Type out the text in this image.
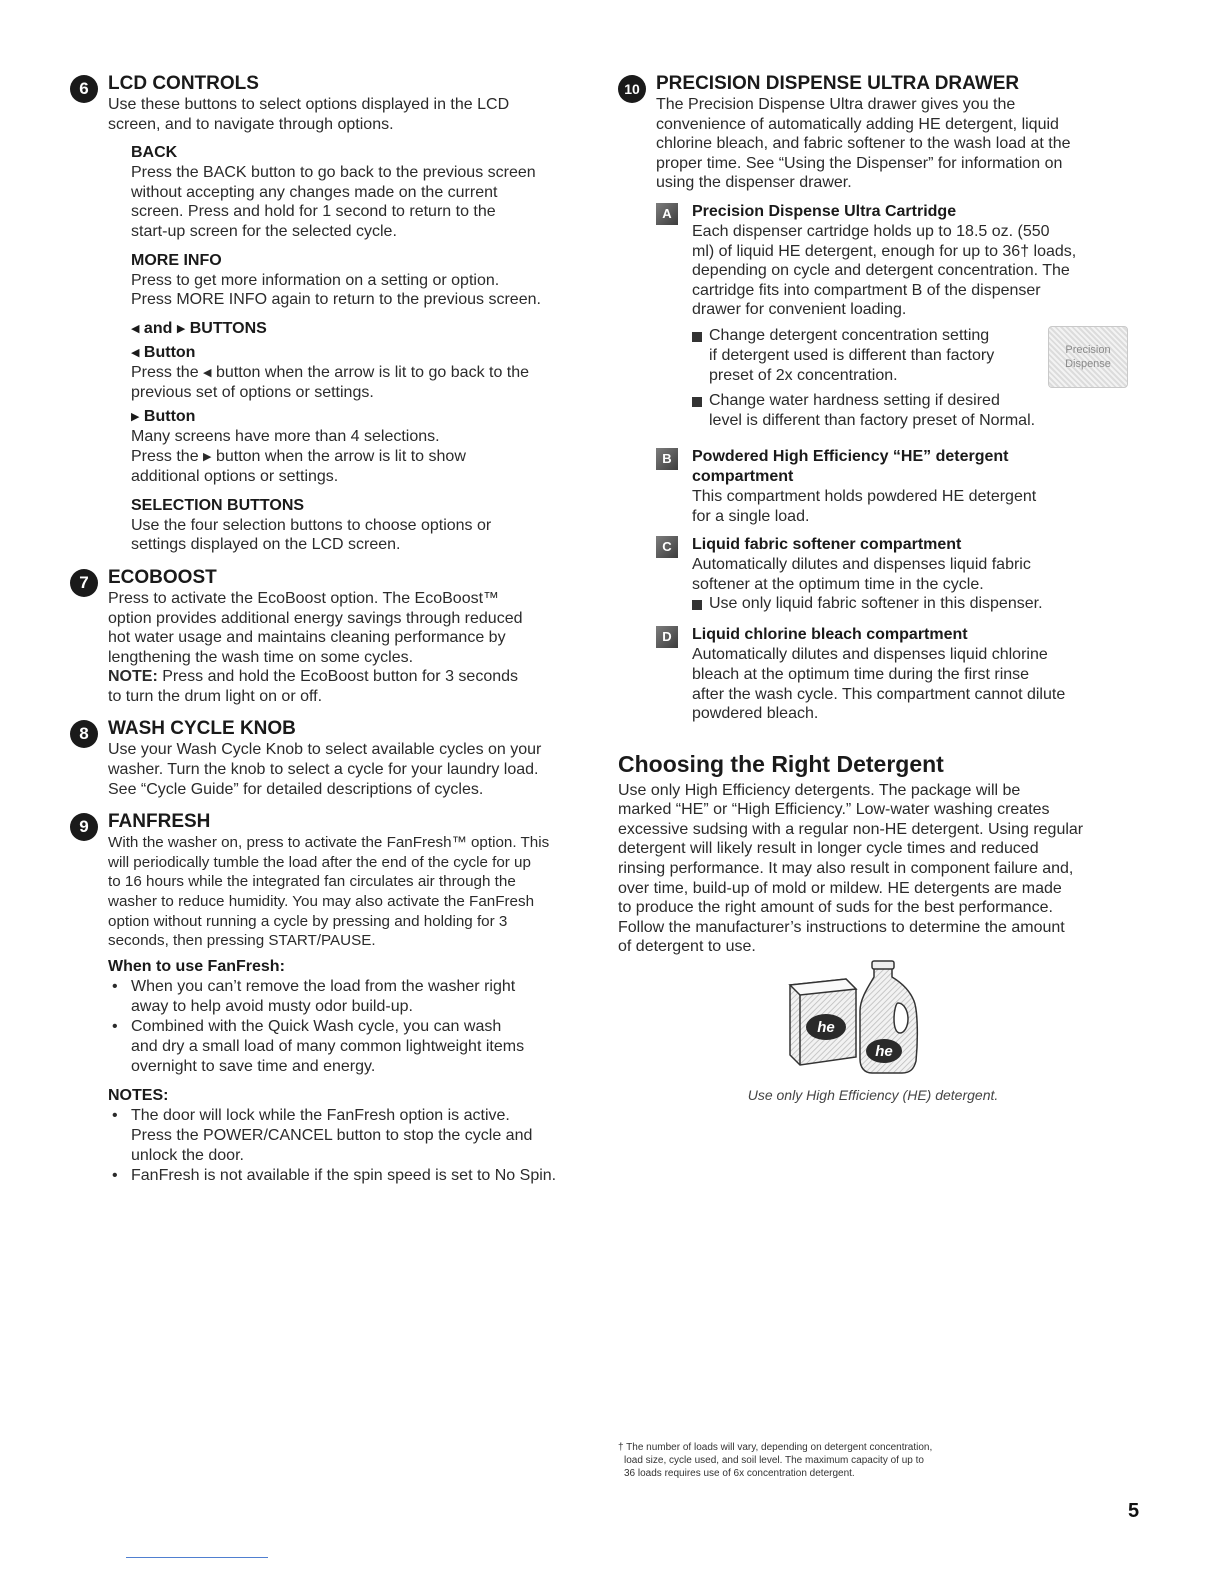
6	LCD CONTROLS

Use these buttons to select options displayed in the LCD

screen, and to navigate through options.

BACK

Press the BACK button to go back to the previous screen

without accepting any changes made on the current

screen. Press and hold for 1 second to return to the

start-up screen for the selected cycle.

MORE INFO

Press to get more information on a setting or option.

Press MORE INFO again to return to the previous screen.

◀ and ▶ BUTTONS
◀ Button

Press the ◀ button when the arrow is lit to go back to the

previous set of options or settings.

▶ Button

Many screens have more than 4 selections.

Press the ▶ button when the arrow is lit to show

additional options or settings.

SELECTION BUTTONS

Use the four selection buttons to choose options or

settings displayed on the LCD screen.

7	ECOBOOST

Press to activate the EcoBoost option. The EcoBoost™

option provides additional energy savings through reduced

hot water usage and maintains cleaning performance by

lengthening the wash time on some cycles.

NOTE: Press and hold the EcoBoost button for 3 seconds

to turn the drum light on or off.

8	WASH CYCLE KNOB

Use your Wash Cycle Knob to select available cycles on your

washer. Turn the knob to select a cycle for your laundry load.

See “Cycle Guide” for detailed descriptions of cycles.

9	FANFRESH

With the washer on, press to activate the FanFresh™ option. This

will periodically tumble the load after the end of the cycle for up

to 16 hours while the integrated fan circulates air through the

washer to reduce humidity. You may also activate the FanFresh

option without running a cycle by pressing and holding for 3

seconds, then pressing START/PAUSE.

When to use FanFresh:
• When you can’t remove the load from the washer right
away to help avoid musty odor build-up.
• Combined with the Quick Wash cycle, you can wash
and dry a small load of many common lightweight items
overnight to save time and energy.
NOTES:
• The door will lock while the FanFresh option is active.
Press the POWER/CANCEL button to stop the cycle and
unlock the door.
• FanFresh is not available if the spin speed is set to No Spin.
10 PRECISION DISPENSE ULTRA DRAWER

The Precision Dispense Ultra drawer gives you the

convenience of automatically adding HE detergent, liquid

chlorine bleach, and fabric softener to the wash load at the

proper time. See “Using the Dispenser” for information on

using the dispenser drawer.

A	Precision Dispense Ultra Cartridge

Each dispenser cartridge holds up to 18.5 oz. (550

ml) of liquid HE detergent, enough for up to 36† loads,

depending on cycle and detergent concentration. The

cartridge fits into compartment B of the dispenser

drawer for convenient loading.

Change detergent concentration setting
if detergent used is different than factory
preset of 2x concentration.
Change water hardness setting if desired
level is different than factory preset of Normal.
Precision
Dispense
B	Powdered High Efficiency “HE” detergent
compartment

This compartment holds powdered HE detergent

for a single load.

C	Liquid fabric softener compartment

Automatically dilutes and dispenses liquid fabric

softener at the optimum time in the cycle.

Use only liquid fabric softener in this dispenser.
D	Liquid chlorine bleach compartment

Automatically dilutes and dispenses liquid chlorine

bleach at the optimum time during the first rinse

after the wash cycle. This compartment cannot dilute

powdered bleach.

Choosing the Right Detergent

Use only High Efficiency detergents. The package will be

marked “HE” or “High Efficiency.” Low-water washing creates

excessive sudsing with a regular non-HE detergent. Using regular

detergent will likely result in longer cycle times and reduced

rinsing performance. It may also result in component failure and,

over time, build-up of mold or mildew. HE detergents are made

to produce the right amount of suds for the best performance.

Follow the manufacturer’s instructions to determine the amount

of detergent to use.

he
he
Use only High Efficiency (HE) detergent.
† The number of loads will vary, depending on detergent concentration,
load size, cycle used, and soil level. The maximum capacity of up to
36 loads requires use of 6x concentration detergent.
5
